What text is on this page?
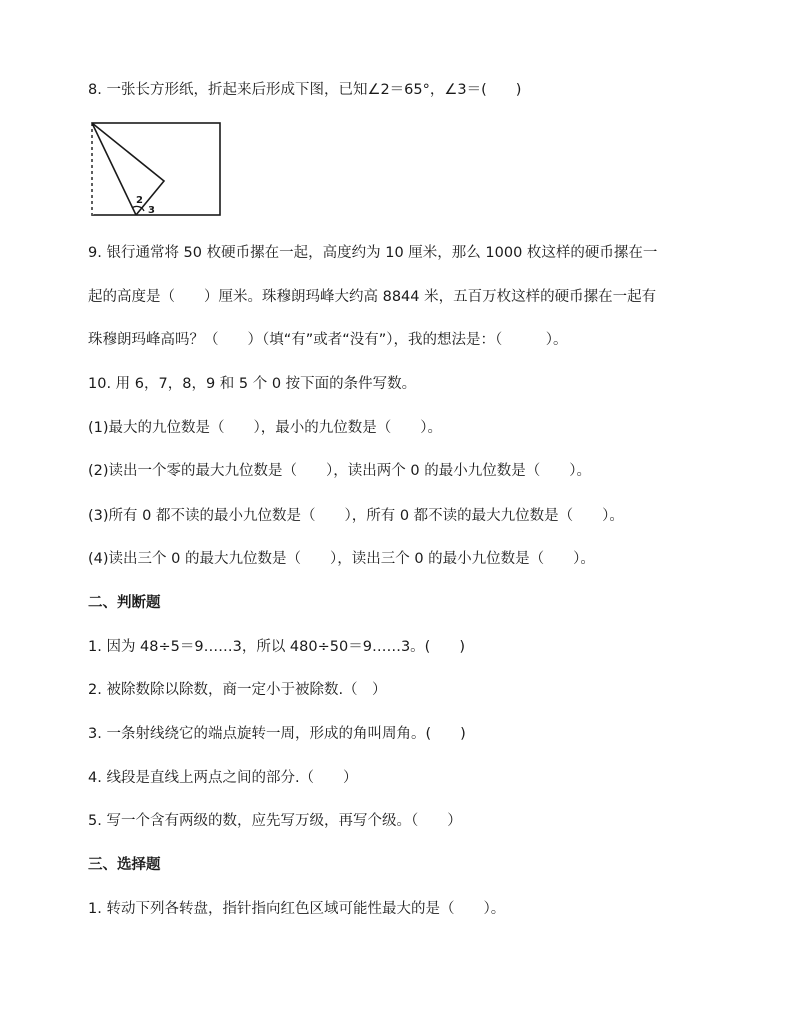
8. 一张长方形纸，折起来后形成下图，已知∠2＝65°，∠3＝(　　)
2
3
9. 银行通常将 50 枚硬币摞在一起，高度约为 10 厘米，那么 1000 枚这样的硬币摞在一
起的高度是（　　）厘米。珠穆朗玛峰大约高 8844 米，五百万枚这样的硬币摞在一起有
珠穆朗玛峰高吗？（　　）（填“有”或者“没有”），我的想法是：（　　　）。
10. 用 6，7，8，9 和 5 个 0 按下面的条件写数。
(1)最大的九位数是（　　），最小的九位数是（　　）。
(2)读出一个零的最大九位数是（　　），读出两个 0 的最小九位数是（　　）。
(3)所有 0 都不读的最小九位数是（　　），所有 0 都不读的最大九位数是（　　）。
(4)读出三个 0 的最大九位数是（　　），读出三个 0 的最小九位数是（　　）。
二、判断题
1. 因为 48÷5＝9……3，所以 480÷50＝9……3。(　　)
2. 被除数除以除数，商一定小于被除数.（　）
3. 一条射线绕它的端点旋转一周，形成的角叫周角。(　　)
4. 线段是直线上两点之间的部分.（　　）
5. 写一个含有两级的数，应先写万级，再写个级。（　　）
三、选择题
1. 转动下列各转盘，指针指向红色区域可能性最大的是（　　）。
